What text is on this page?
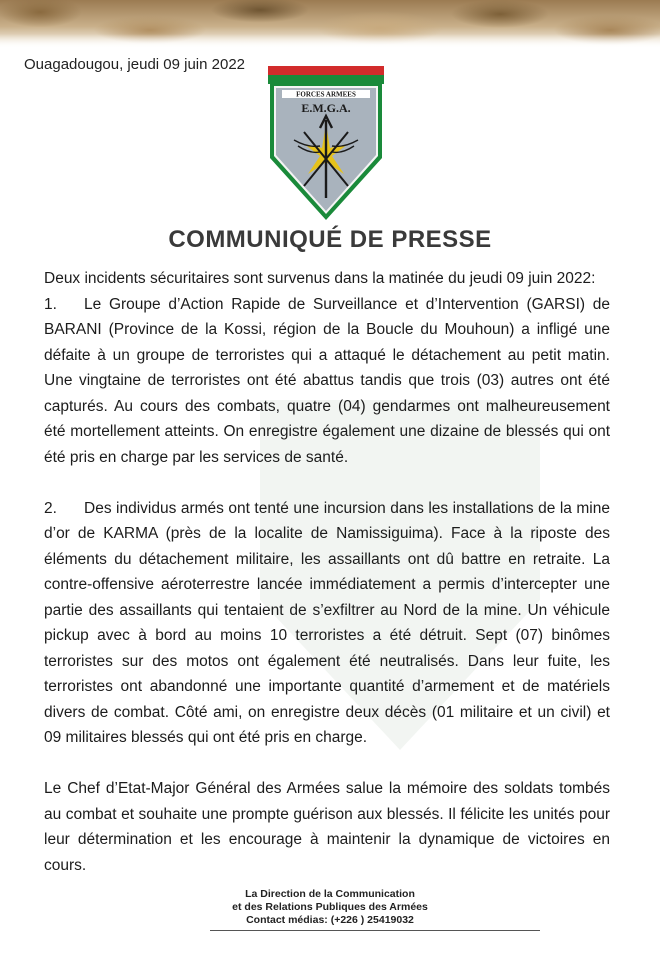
Ouagadougou, jeudi 09 juin 2022
FORCES ARMEES
E.M.G.A.
COMMUNIQUÉ DE PRESSE

Deux incidents sécuritaires sont survenus dans la matinée du jeudi 09 juin 2022:

1. Le Groupe d’Action Rapide de Surveillance et d’Intervention (GARSI) de BARANI (Province de la Kossi, région de la Boucle du Mouhoun) a infligé une défaite à un groupe de terroristes qui a attaqué le détachement au petit matin. Une vingtaine de terroristes ont été abattus tandis que trois (03) autres ont été capturés. Au cours des combats, quatre (04) gendarmes ont malheureusement été mortellement atteints. On enregistre également une dizaine de blessés qui ont été pris en charge par les services de santé.

2. Des individus armés ont tenté une incursion dans les installations de la mine d’or de KARMA (près de la localite de Namissiguima). Face à la riposte des éléments du détachement militaire, les assaillants ont dû battre en retraite. La contre-offensive aéroterrestre lancée immédiatement a permis d’intercepter une partie des assaillants qui tentaient de s’exfiltrer au Nord de la mine. Un véhicule pickup avec à bord au moins 10 terroristes a été détruit. Sept (07) binômes terroristes sur des motos ont également été neutralisés. Dans leur fuite, les terroristes ont abandonné une importante quantité d’armement et de matériels divers de combat. Côté ami, on enregistre deux décès (01 militaire et un civil) et 09 militaires blessés qui ont été pris en charge.

Le Chef d’Etat-Major Général des Armées salue la mémoire des soldats tombés au combat et souhaite une prompte guérison aux blessés. Il félicite les unités pour leur détermination et les encourage à maintenir la dynamique de victoires en cours.

La Direction de la Communication
et des Relations Publiques des Armées
Contact médias: (+226 ) 25419032
